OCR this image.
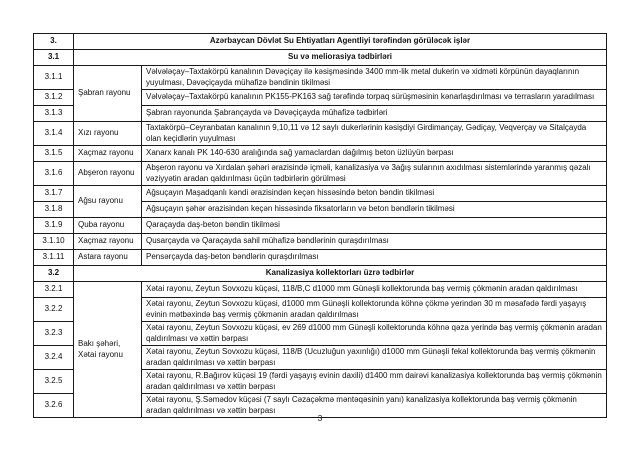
3.	Azərbaycan Dövlət Su Ehtiyatları Agentliyi tərəfindən görüləcək işlər	
3.1	Su və meliorasiya tədbirləri	
3.1.1	Şabran rayonu	Vəlvələçay–Taxtakörpü kanalının Dəvəçiçay ilə kəsişməsində 3400 mm-lik metal dukerin və xidməti körpünün dayaqlarının yuyulması, Dəvəçiçayda mühafizə bəndinin tikilməsi
3.1.2		Vəlvələçay–Taxtakörpü kanalının PK155-PK163 sağ tərəfində torpaq sürüşməsinin kənarlaşdırılması və terrasların yaradılması
3.1.3		Şabran rayonunda Şabrançayda və Dəvəçiçayda mühafizə tədbirləri
3.1.4	Xızı rayonu	Taxtakörpü–Ceyranbatan kanalının 9,10,11 və 12 saylı dukerlərinin kəsişdiyi Girdimançay, Gədiçay, Veqverçay və Sitalçayda olan keçidlərin yuyulması
3.1.5	Xaçmaz rayonu	Xanarx kanalı PK 140-630 aralığında sağ yamaclardan dağılmış beton üzlüyün bərpası
3.1.6	Abşeron rayonu	Abşeron rayonu və Xırdalan şəhəri ərazisində içməli, kanalizasiya və 3ağış sularının axıdılması sistemlərində yaranmış qəzalı vəziyyətin aradan qaldırılması üçün tədbirlərin görülməsi
3.1.7	Ağsu rayonu	Ağsuçayın Maşadqanlı kəndi ərazisindən keçən hissəsində beton bəndin tikilməsi
3.1.8		Ağsuçayın şəhər ərazisindən keçən hissəsində fiksatorların və beton bəndlərin tikilməsi
3.1.9	Quba rayonu	Qaraçayda daş-beton bəndin tikilməsi
3.1.10	Xaçmaz rayonu	Qusarçayda və Qaraçayda sahil mühafizə bəndlərinin quraşdırılması
3.1.11	Astara rayonu	Pensərçayda daş-beton bəndlərin quraşdırılması
3.2	Kanalizasiya kollektorları üzrə tədbirlər	
3.2.1	Bakı şəhəri, Xətai rayonu	Xətai rayonu, Zeytun Sovxozu küçəsi, 118/B,C d1000 mm Günəşli kollektorunda baş vermiş çökmənin aradan qaldırılması
3.2.2		Xətai rayonu, Zeytun Sovxozu küçəsi, d1000 mm Günəşli kollektorunda köhnə çökmə yerindən 30 m məsafədə fərdi yaşayış evinin mətbəxində baş vermiş çökmənin aradan qaldırılması
3.2.3		Xətai rayonu, Zeytun Sovxozu küçəsi, ev 269 d1000 mm Günəşli kollektorunda köhnə qəza yerində baş vermiş çökmənin aradan qaldırılması və xəttin bərpası
3.2.4		Xətai rayonu, Zeytun Sovxozu küçəsi, 118/B (Ucuzluğun yaxınlığı) d1000 mm Günəşli fekal kollektorunda baş vermiş çökmənin aradan qaldırılması və xəttin bərpası
3.2.5		Xətai rayonu, R.Bağırov küçəsi 19 (fərdi yaşayış evinin daxili) d1400 mm dairəvi kanalizasiya kollektorunda baş vermiş çökmənin aradan qaldırılması və xəttin bərpası
3.2.6		Xətai rayonu, Ş.Səmədov küçəsi (7 saylı Cəzaçəkmə məntəqəsinin yanı) kanalizasiya kollektorunda baş vermiş çökmənin aradan qaldırılması və xəttin bərpası
3
